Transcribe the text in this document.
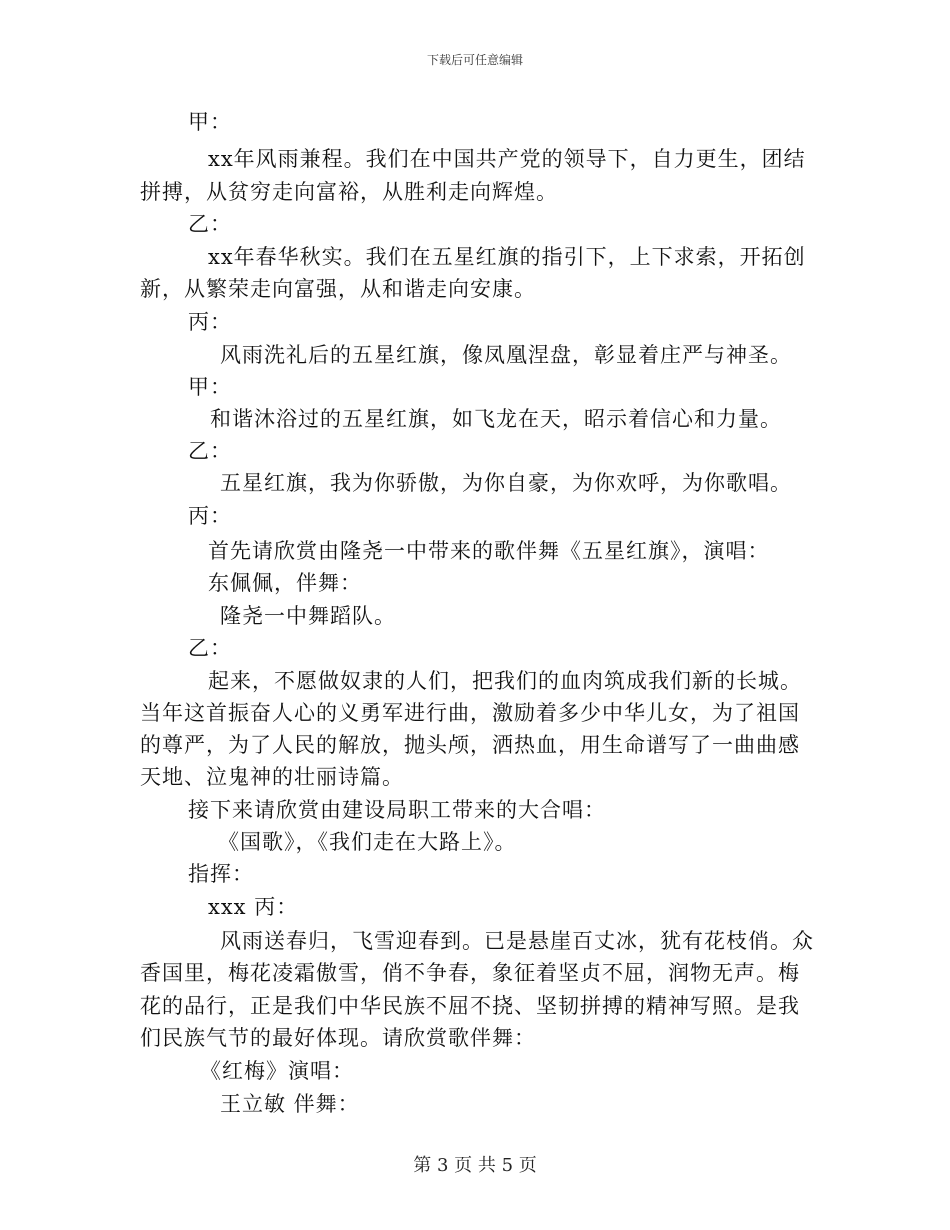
下载后可任意编辑
甲：
xx年风雨兼程。我们在中国共产党的领导下，自力更生，团结
拼搏，从贫穷走向富裕，从胜利走向辉煌。
乙：
xx年春华秋实。我们在五星红旗的指引下，上下求索，开拓创
新，从繁荣走向富强，从和谐走向安康。
丙：
风雨洗礼后的五星红旗，像凤凰涅盘，彰显着庄严与神圣。
甲：
和谐沐浴过的五星红旗，如飞龙在天，昭示着信心和力量。
乙：
五星红旗，我为你骄傲，为你自豪，为你欢呼，为你歌唱。
丙：
首先请欣赏由隆尧一中带来的歌伴舞《五星红旗》，演唱：
东佩佩，伴舞：
隆尧一中舞蹈队。
乙：
起来，不愿做奴隶的人们，把我们的血肉筑成我们新的长城。
当年这首振奋人心的义勇军进行曲，激励着多少中华儿女，为了祖国
的尊严，为了人民的解放，抛头颅，洒热血，用生命谱写了一曲曲感
天地、泣鬼神的壮丽诗篇。
接下来请欣赏由建设局职工带来的大合唱：
《国歌》，《我们走在大路上》。
指挥：
xxx 丙：
风雨送春归，飞雪迎春到。已是悬崖百丈冰，犹有花枝俏。众
香国里，梅花凌霜傲雪，俏不争春，象征着坚贞不屈，润物无声。梅
花的品行，正是我们中华民族不屈不挠、坚韧拼搏的精神写照。是我
们民族气节的最好体现。请欣赏歌伴舞：
《红梅》演唱：
王立敏 伴舞：
第 3 页 共 5 页
